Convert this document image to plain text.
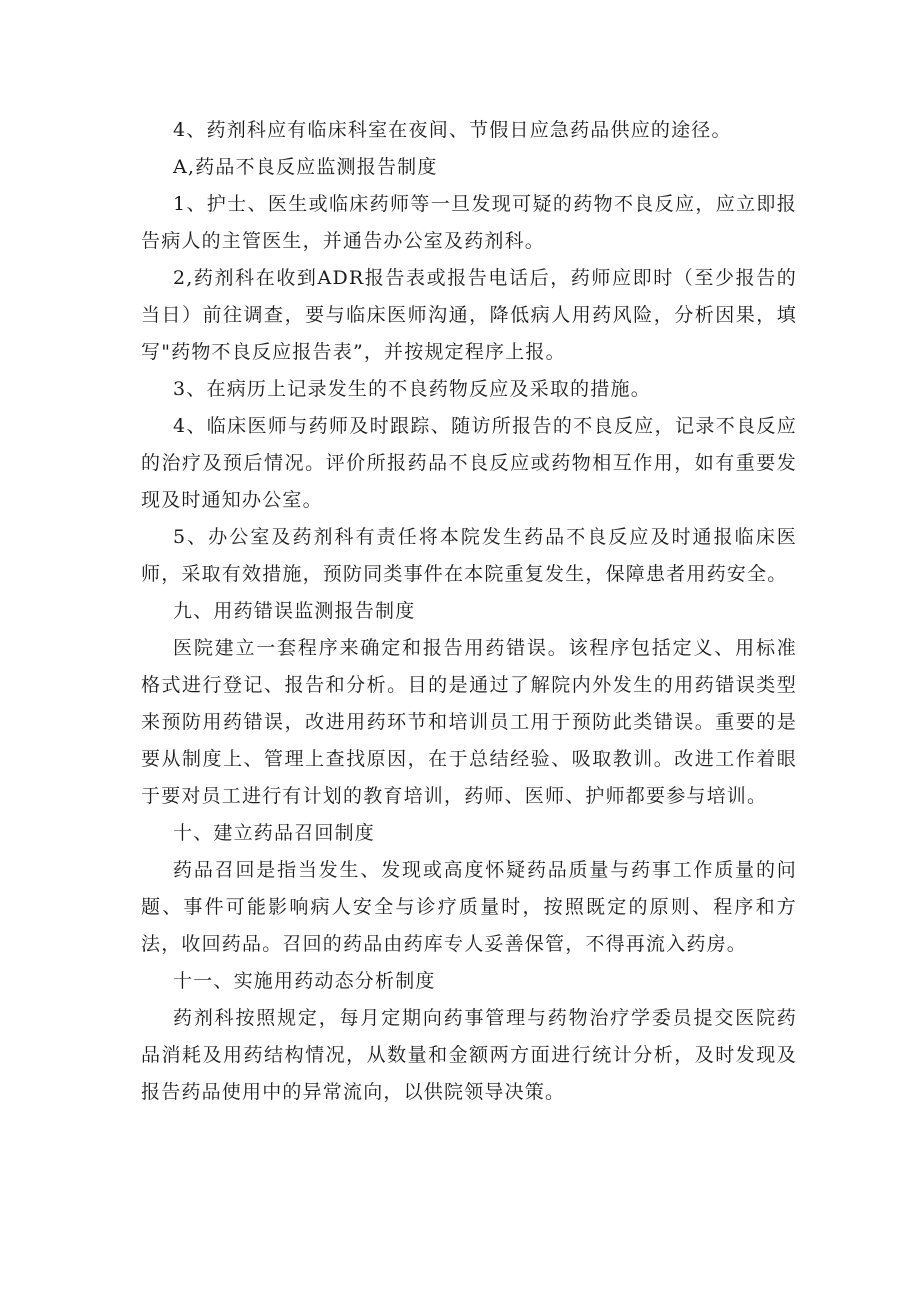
4、药剂科应有临床科室在夜间、节假日应急药品供应的途径。

A,药品不良反应监测报告制度

1、护士、医生或临床药师等一旦发现可疑的药物不良反应，应立即报告病人的主管医生，并通告办公室及药剂科。

2,药剂科在收到ADR报告表或报告电话后，药师应即时（至少报告的当日）前往调查，要与临床医师沟通，降低病人用药风险，分析因果，填写"药物不良反应报告表”，并按规定程序上报。

3、在病历上记录发生的不良药物反应及采取的措施。

4、临床医师与药师及时跟踪、随访所报告的不良反应，记录不良反应的治疗及预后情况。评价所报药品不良反应或药物相互作用，如有重要发现及时通知办公室。

5、办公室及药剂科有责任将本院发生药品不良反应及时通报临床医师，采取有效措施，预防同类事件在本院重复发生，保障患者用药安全。

九、用药错误监测报告制度

医院建立一套程序来确定和报告用药错误。该程序包括定义、用标准格式进行登记、报告和分析。目的是通过了解院内外发生的用药错误类型来预防用药错误，改进用药环节和培训员工用于预防此类错误。重要的是要从制度上、管理上查找原因，在于总结经验、吸取教训。改进工作着眼于要对员工进行有计划的教育培训，药师、医师、护师都要参与培训。

十、建立药品召回制度

药品召回是指当发生、发现或高度怀疑药品质量与药事工作质量的问题、事件可能影响病人安全与诊疗质量时，按照既定的原则、程序和方法，收回药品。召回的药品由药库专人妥善保管，不得再流入药房。

十一、实施用药动态分析制度

药剂科按照规定，每月定期向药事管理与药物治疗学委员提交医院药品消耗及用药结构情况，从数量和金额两方面进行统计分析，及时发现及报告药品使用中的异常流向，以供院领导决策。
